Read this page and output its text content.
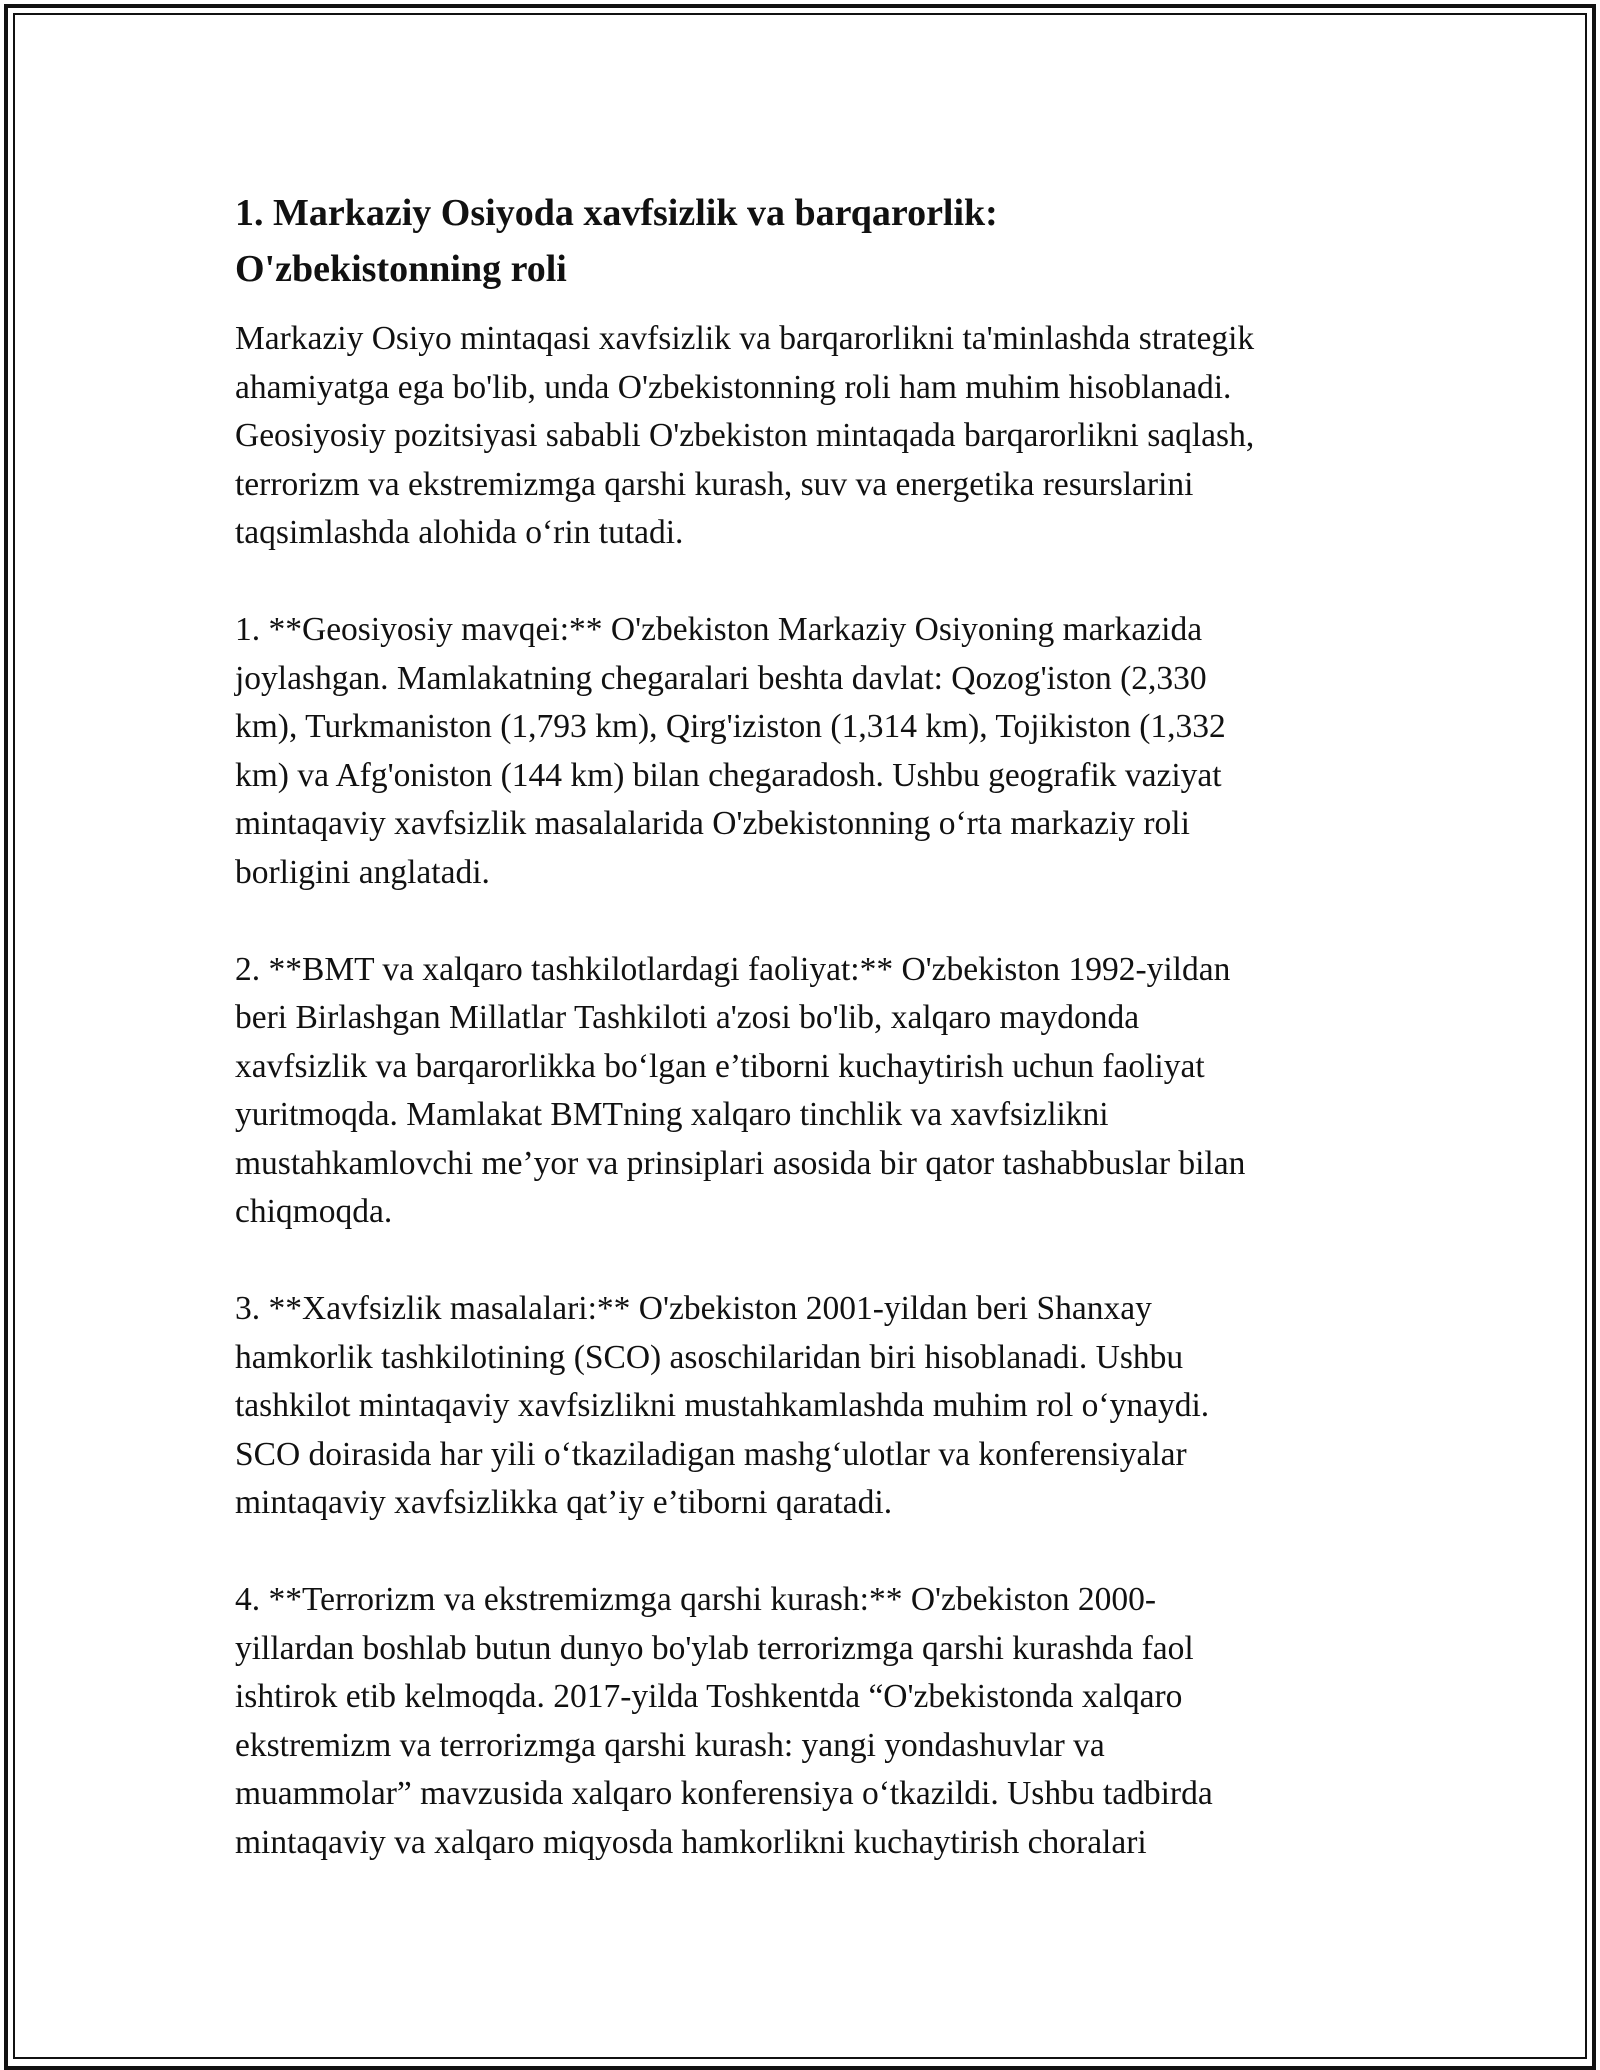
1. Markaziy Osiyoda xavfsizlik va barqarorlik:
O'zbekistonning roli

Markaziy Osiyo mintaqasi xavfsizlik va barqarorlikni ta'minlashda strategik
ahamiyatga ega bo'lib, unda O'zbekistonning roli ham muhim hisoblanadi.
Geosiyosiy pozitsiyasi sababli O'zbekiston mintaqada barqarorlikni saqlash,
terrorizm va ekstremizmga qarshi kurash, suv va energetika resurslarini
taqsimlashda alohida o‘rin tutadi.

1. **Geosiyosiy mavqei:** O'zbekiston Markaziy Osiyoning markazida
joylashgan. Mamlakatning chegaralari beshta davlat: Qozog'iston (2,330
km), Turkmaniston (1,793 km), Qirg'iziston (1,314 km), Tojikiston (1,332
km) va Afg'oniston (144 km) bilan chegaradosh. Ushbu geografik vaziyat
mintaqaviy xavfsizlik masalalarida O'zbekistonning o‘rta markaziy roli
borligini anglatadi.

2. **BMT va xalqaro tashkilotlardagi faoliyat:** O'zbekiston 1992-yildan
beri Birlashgan Millatlar Tashkiloti a'zosi bo'lib, xalqaro maydonda
xavfsizlik va barqarorlikka bo‘lgan e’tiborni kuchaytirish uchun faoliyat
yuritmoqda. Mamlakat BMTning xalqaro tinchlik va xavfsizlikni
mustahkamlovchi me’yor va prinsiplari asosida bir qator tashabbuslar bilan
chiqmoqda.

3. **Xavfsizlik masalalari:** O'zbekiston 2001-yildan beri Shanxay
hamkorlik tashkilotining (SCO) asoschilaridan biri hisoblanadi. Ushbu
tashkilot mintaqaviy xavfsizlikni mustahkamlashda muhim rol o‘ynaydi.
SCO doirasida har yili o‘tkaziladigan mashg‘ulotlar va konferensiyalar
mintaqaviy xavfsizlikka qat’iy e’tiborni qaratadi.

4. **Terrorizm va ekstremizmga qarshi kurash:** O'zbekiston 2000-
yillardan boshlab butun dunyo bo'ylab terrorizmga qarshi kurashda faol
ishtirok etib kelmoqda. 2017-yilda Toshkentda “O'zbekistonda xalqaro
ekstremizm va terrorizmga qarshi kurash: yangi yondashuvlar va
muammolar” mavzusida xalqaro konferensiya o‘tkazildi. Ushbu tadbirda
mintaqaviy va xalqaro miqyosda hamkorlikni kuchaytirish choralari
